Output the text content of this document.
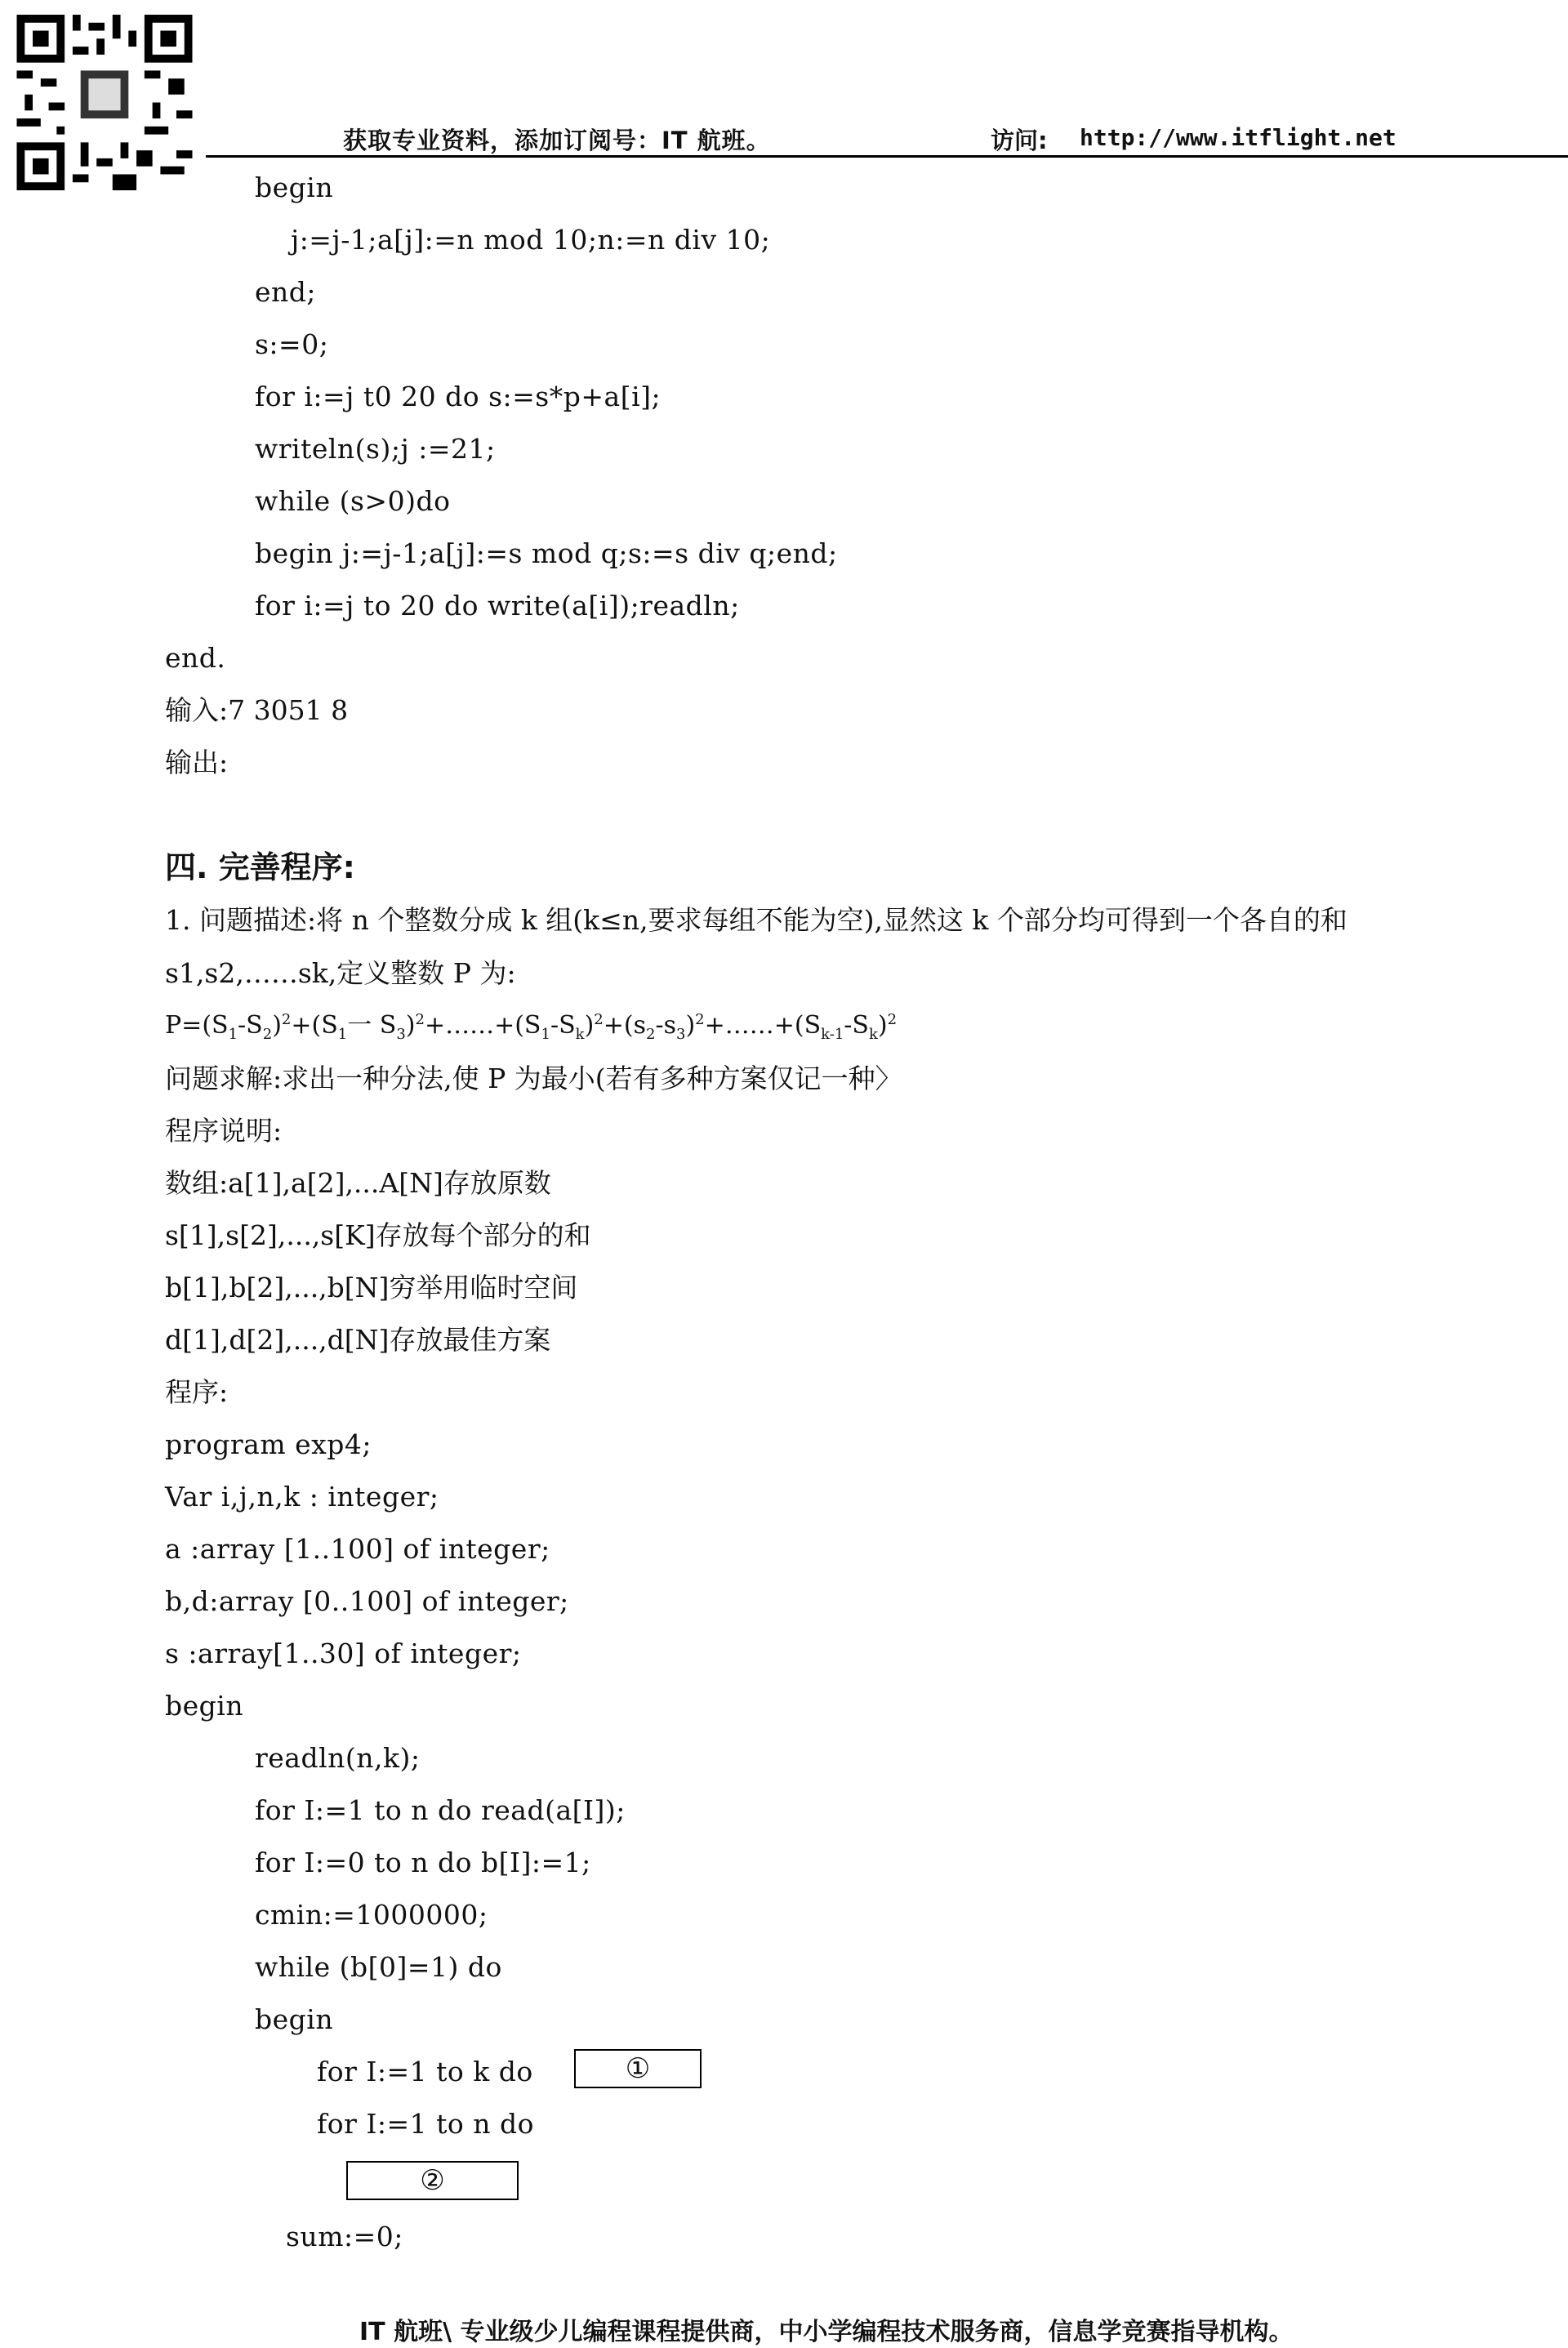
获取专业资料，添加订阅号：IT 航班。	访问: http://www.itflight.net
begin
j:=j-1;a[j]:=n mod 10;n:=n div 10;
end;
s:=0;
for i:=j t0 20 do s:=s*p+a[i];
writeln(s);j :=21;
while (s>0)do
begin j:=j-1;a[j]:=s mod q;s:=s div q;end;
for i:=j to 20 do write(a[i]);readln;
end.
输入:7 3051 8
输出:
四. 完善程序:
1. 问题描述:将 n 个整数分成 k 组(k≤n,要求每组不能为空),显然这 k 个部分均可得到一个各自的和
s1,s2,……sk,定义整数 P 为:
$P=(S_1-S_2)^2+(S_1$一 $S_3)^2+\dots\dots+(S_1-S_k)^2+(s_2-s_3)^2+\dots\dots+(S_{k-1}-S_k)^2$
问题求解:求出一种分法,使 P 为最小(若有多种方案仅记一种〉
程序说明:
数组:a[1],a[2],...A[N]存放原数
s[1],s[2],...,s[K]存放每个部分的和
b[1],b[2],...,b[N]穷举用临时空间
d[1],d[2],...,d[N]存放最佳方案
程序:
program exp4;
Var i,j,n,k : integer;
a :array [1..100] of integer;
b,d:array [0..100] of integer;
s :array[1..30] of integer;
begin
readln(n,k);
for I:=1 to n do read(a[I]);
for I:=0 to n do b[I]:=1;
cmin:=1000000;
while (b[0]=1) do
begin
for I:=1 to k do	①
for I:=1 to n do
②
sum:=0;
IT 航班\ 专业级少儿编程课程提供商，中小学编程技术服务商，信息学竞赛指导机构。
